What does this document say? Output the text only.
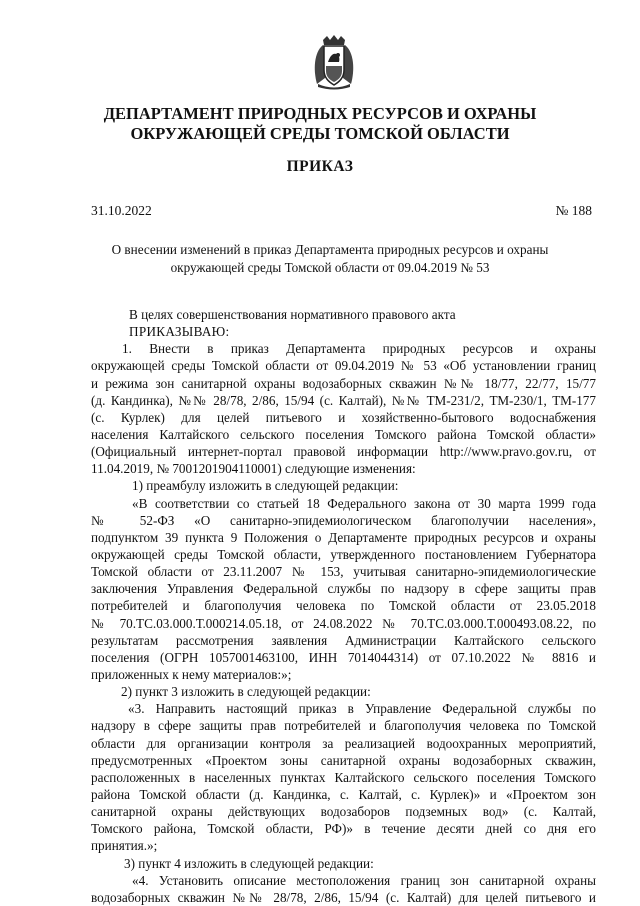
ДЕПАРТАМЕНТ ПРИРОДНЫХ РЕСУРСОВ И ОХРАНЫ
ОКРУЖАЮЩЕЙ СРЕДЫ ТОМСКОЙ ОБЛАСТИ
ПРИКАЗ
31.10.2022	№ 188
О внесении изменений в приказ Департамента природных ресурсов и охраны
окружающей среды Томской области от 09.04.2019 № 53
В целях совершенствования нормативного правового акта
ПРИКАЗЫВАЮ:
1. Внести в приказ Департамента природных ресурсов и охраны
окружающей среды Томской области от 09.04.2019 № 53 «Об установлении границ
и режима зон санитарной охраны водозаборных скважин №№ 18/77, 22/77, 15/77
(д. Кандинка), №№ 28/78, 2/86, 15/94 (с. Калтай), №№ ТМ-231/2, ТМ-230/1, ТМ-177
(с. Курлек) для целей питьевого и хозяйственно-бытового водоснабжения
населения Калтайского сельского поселения Томского района Томской области»
(Официальный интернет-портал правовой информации http://www.pravo.gov.ru, от
11.04.2019, № 7001201904110001) следующие изменения:
1) преамбулу изложить в следующей редакции:
«В соответствии со статьей 18 Федерального закона от 30 марта 1999 года
№ 52-ФЗ «О санитарно-эпидемиологическом благополучии населения»,
подпунктом 39 пункта 9 Положения о Департаменте природных ресурсов и охраны
окружающей среды Томской области, утвержденного постановлением Губернатора
Томской области от 23.11.2007 № 153, учитывая санитарно-эпидемиологические
заключения Управления Федеральной службы по надзору в сфере защиты прав
потребителей и благополучия человека по Томской области от 23.05.2018
№ 70.ТС.03.000.Т.000214.05.18, от 24.08.2022 № 70.ТС.03.000.Т.000493.08.22, по
результатам рассмотрения заявления Администрации Калтайского сельского
поселения (ОГРН 1057001463100, ИНН 7014044314) от 07.10.2022 № 8816 и
приложенных к нему материалов:»;
2) пункт 3 изложить в следующей редакции:
«3. Направить настоящий приказ в Управление Федеральной службы по
надзору в сфере защиты прав потребителей и благополучия человека по Томской
области для организации контроля за реализацией водоохранных мероприятий,
предусмотренных «Проектом зоны санитарной охраны водозаборных скважин,
расположенных в населенных пунктах Калтайского сельского поселения Томского
района Томской области (д. Кандинка, с. Калтай, с. Курлек)» и «Проектом зон
санитарной охраны действующих водозаборов подземных вод» (с. Калтай,
Томского района, Томской области, РФ)» в течение десяти дней со дня его
принятия.»;
3) пункт 4 изложить в следующей редакции:
«4. Установить описание местоположения границ зон санитарной охраны
водозаборных скважин №№ 28/78, 2/86, 15/94 (с. Калтай) для целей питьевого и
